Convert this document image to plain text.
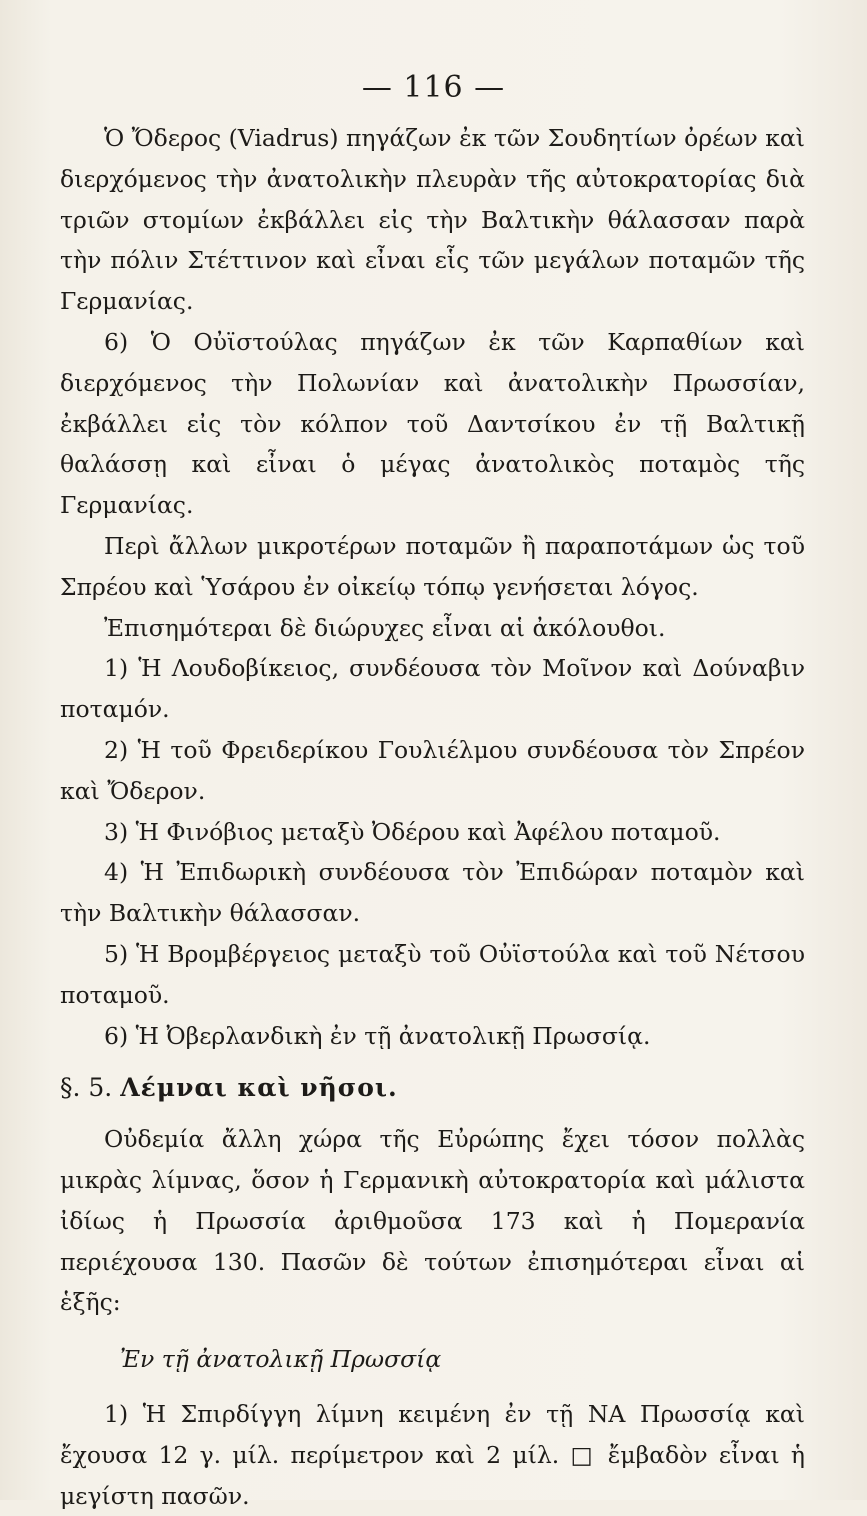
— 116 —

Ὁ Ὄδερος (Viadrus) πηγάζων ἐκ τῶν Σουδητίων ὀρέων καὶ διερχόμενος τὴν ἀνατολικὴν πλευρὰν τῆς αὐτοκρατορίας διὰ τριῶν στομίων ἐκβάλλει εἰς τὴν Βαλτικὴν θάλασσαν παρὰ τὴν πόλιν Στέττινον καὶ εἶναι εἷς τῶν μεγάλων ποταμῶν τῆς Γερμανίας.

6) Ὁ Οὐϊστούλας πηγάζων ἐκ τῶν Καρπαθίων καὶ διερχόμενος τὴν Πολωνίαν καὶ ἀνατολικὴν Πρωσσίαν, ἐκβάλλει εἰς τὸν κόλπον τοῦ Δαντσίκου ἐν τῇ Βαλτικῇ θαλάσσῃ καὶ εἶναι ὁ μέγας ἀνατολικὸς ποταμὸς τῆς Γερμανίας.

Περὶ ἄλλων μικροτέρων ποταμῶν ἢ παραποτάμων ὡς τοῦ Σπρέου καὶ Ὑσάρου ἐν οἰκείῳ τόπῳ γενήσεται λόγος.

Ἐπισημότεραι δὲ διώρυχες εἶναι αἱ ἀκόλουθοι.

1) Ἡ Λουδοβίκειος, συνδέουσα τὸν Μοῖνον καὶ Δούναβιν ποταμόν.

2) Ἡ τοῦ Φρειδερίκου Γουλιέλμου συνδέουσα τὸν Σπρέον καὶ Ὄδερον.

3) Ἡ Φινόβιος μεταξὺ Ὀδέρου καὶ Ἀφέλου ποταμοῦ.

4) Ἡ Ἐπιδωρικὴ συνδέουσα τὸν Ἐπιδώραν ποταμὸν καὶ τὴν Βαλτικὴν θάλασσαν.

5) Ἡ Βρομβέργειος μεταξὺ τοῦ Οὐϊστούλα καὶ τοῦ Νέτσου ποταμοῦ.

6) Ἡ Ὀβερλανδικὴ ἐν τῇ ἀνατολικῇ Πρωσσίᾳ.

§. 5. Λέμναι καὶ νῆσοι.

Οὐδεμία ἄλλη χώρα τῆς Εὐρώπης ἔχει τόσον πολλὰς μικρὰς λίμνας, ὅσον ἡ Γερμανικὴ αὐτοκρατορία καὶ μάλιστα ἰδίως ἡ Πρωσσία ἀριθμοῦσα 173 καὶ ἡ Πομερανία περιέχουσα 130. Πασῶν δὲ τούτων ἐπισημότεραι εἶναι αἱ ἑξῆς:

Ἐν τῇ ἀνατολικῇ Πρωσσίᾳ

1) Ἡ Σπιρδίγγη λίμνη κειμένη ἐν τῇ ΝΑ Πρωσσίᾳ καὶ ἔχουσα 12 γ. μίλ. περίμετρον καὶ 2 μίλ. □ ἔμβαδὸν εἶναι ἡ μεγίστη πασῶν.
